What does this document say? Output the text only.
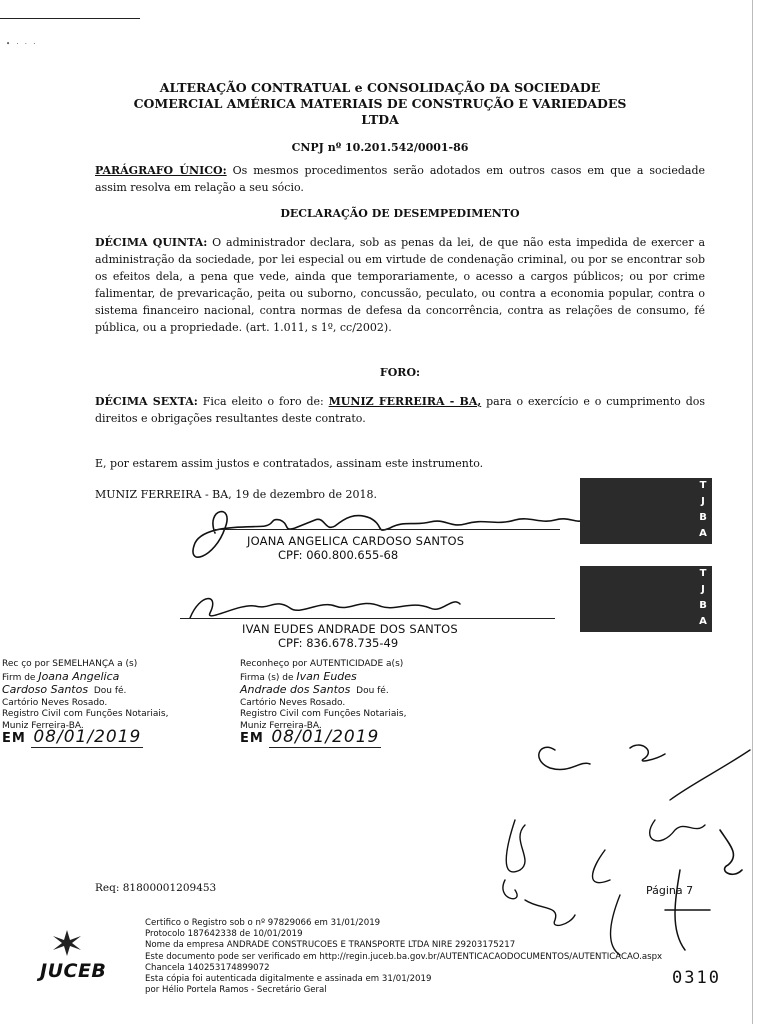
• · · ·
ALTERAÇÃO CONTRATUAL e CONSOLIDAÇÃO DA SOCIEDADE
COMERCIAL AMÉRICA MATERIAIS DE CONSTRUÇÃO E VARIEDADES
LTDA
CNPJ nº 10.201.542/0001-86
PARÁGRAFO ÚNICO: Os mesmos procedimentos serão adotados em outros casos em que a sociedade assim resolva em relação a seu sócio.
DECLARAÇÃO DE DESEMPEDIMENTO
DÉCIMA QUINTA: O administrador declara, sob as penas da lei, de que não esta impedida de exercer a administração da sociedade, por lei especial ou em virtude de condenação criminal, ou por se encontrar sob os efeitos dela, a pena que vede, ainda que temporariamente, o acesso a cargos públicos; ou por crime falimentar, de prevaricação, peita ou suborno, concussão, peculato, ou contra a economia popular, contra o sistema financeiro nacional, contra normas de defesa da concorrência, contra as relações de consumo, fé pública, ou a propriedade. (art. 1.011, s 1º, cc/2002).
FORO:
DÉCIMA SEXTA: Fica eleito o foro de: MUNIZ FERREIRA - BA, para o exercício e o cumprimento dos direitos e obrigações resultantes deste contrato.
E, por estarem assim justos e contratados, assinam este instrumento.
MUNIZ FERREIRA - BA, 19 de dezembro de 2018.
JOANA ANGELICA CARDOSO SANTOS
CPF: 060.800.655-68
IVAN EUDES ANDRADE DOS SANTOS
CPF: 836.678.735-49
T
J
B
A
T
J
B
A
Rec ço por SEMELHANÇA a (s)
Firm de Joana Angelica
Cardoso Santos Dou fé.
Cartório Neves Rosado.
Registro Civil com Funções Notariais,
Muniz Ferreira-BA.
EM 08/01/2019
Reconheço por AUTENTICIDADE a(s)
Firma (s) de Ivan Eudes
Andrade dos Santos Dou fé.
Cartório Neves Rosado.
Registro Civil com Funções Notariais,
Muniz Ferreira-BA.
EM 08/01/2019
Req: 81800001209453	Página 7
JUCEB
Certifico o Registro sob o nº 97829066 em 31/01/2019
Protocolo 187642338 de 10/01/2019
Nome da empresa ANDRADE CONSTRUCOES E TRANSPORTE LTDA NIRE 29203175217
Este documento pode ser verificado em http://regin.juceb.ba.gov.br/AUTENTICACAODOCUMENTOS/AUTENTICACAO.aspx
Chancela 140253174899072
Esta cópia foi autenticada digitalmente e assinada em 31/01/2019
por Hélio Portela Ramos - Secretário Geral
0310
